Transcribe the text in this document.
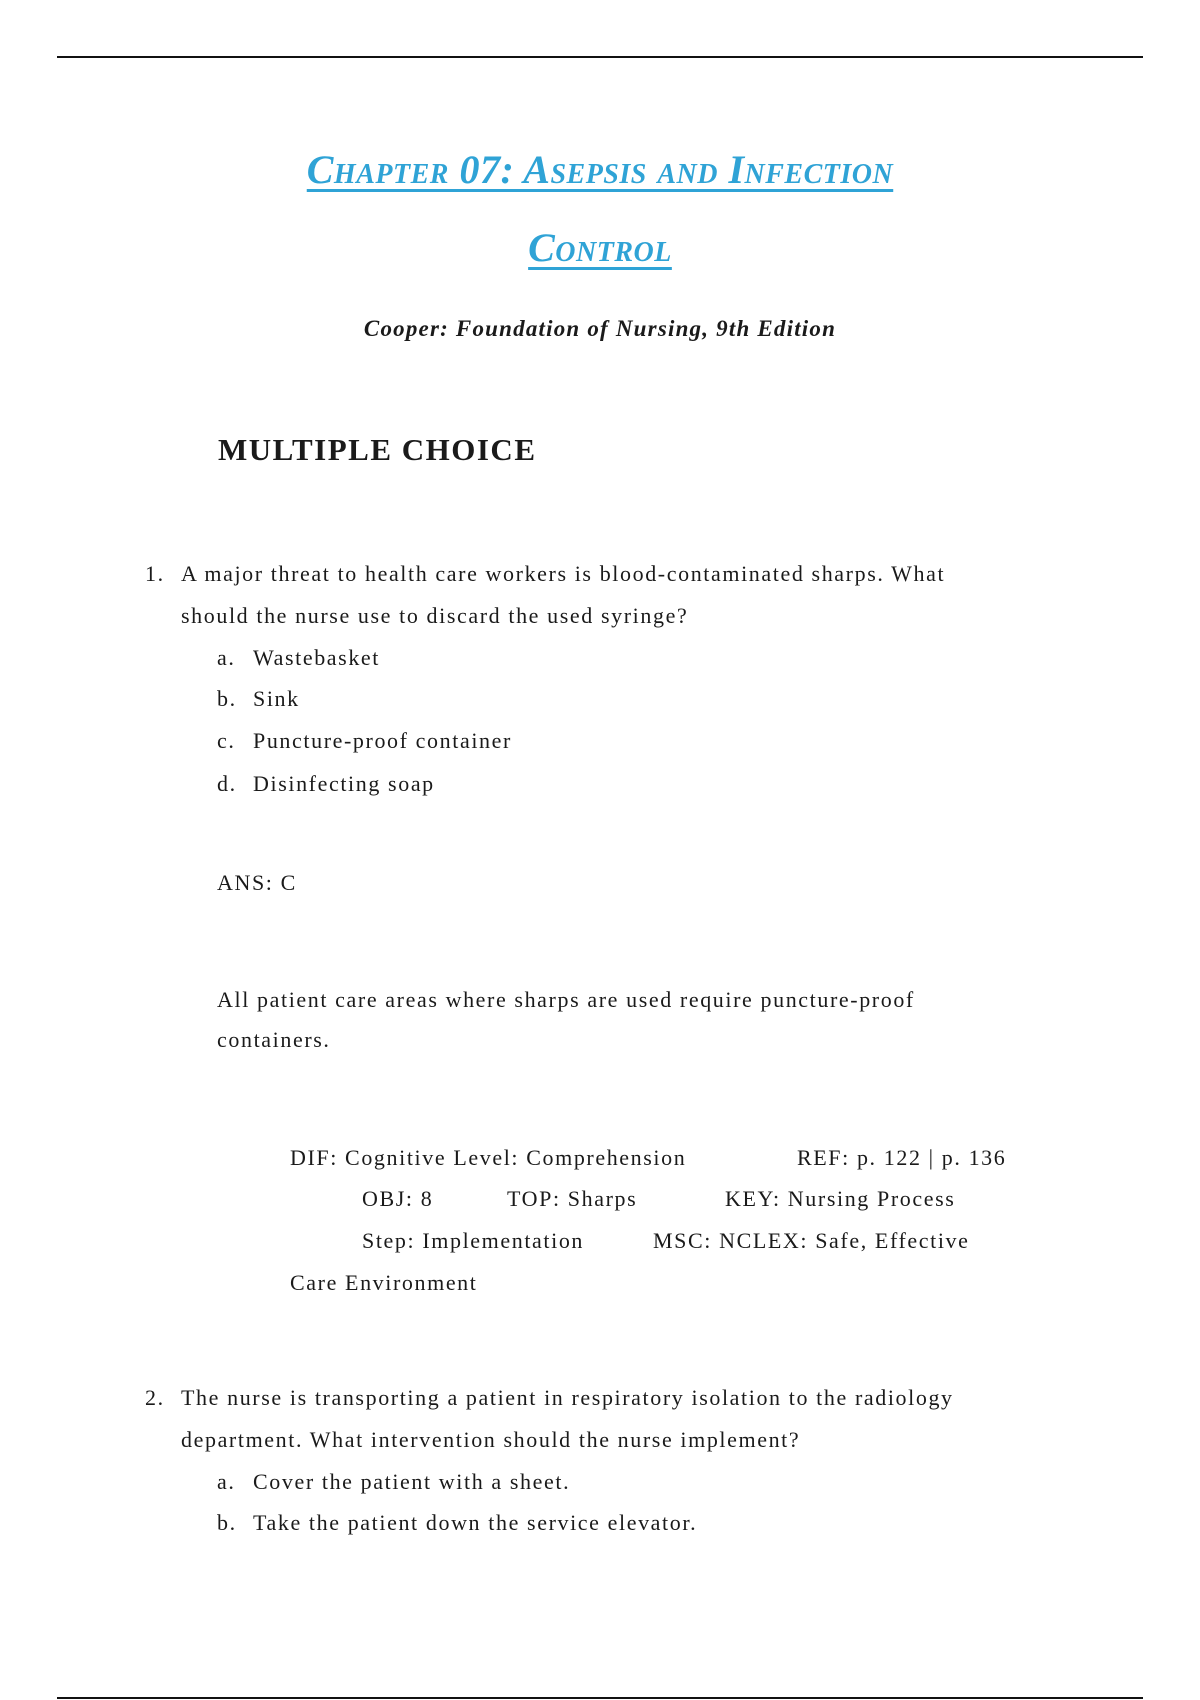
Chapter 07: Asepsis and Infection
Control
Cooper: Foundation of Nursing, 9th Edition
MULTIPLE CHOICE
1. A major threat to health care workers is blood-contaminated sharps. What
should the nurse use to discard the used syringe?
a. Wastebasket
b. Sink
c. Puncture-proof container
d. Disinfecting soap
ANS: C
All patient care areas where sharps are used require puncture-proof
containers.
DIF: Cognitive Level: Comprehension	REF: p. 122 | p. 136
OBJ: 8	TOP: Sharps	KEY: Nursing Process
Step: Implementation	MSC: NCLEX: Safe, Effective
Care Environment
2. The nurse is transporting a patient in respiratory isolation to the radiology
department. What intervention should the nurse implement?
a. Cover the patient with a sheet.
b. Take the patient down the service elevator.
